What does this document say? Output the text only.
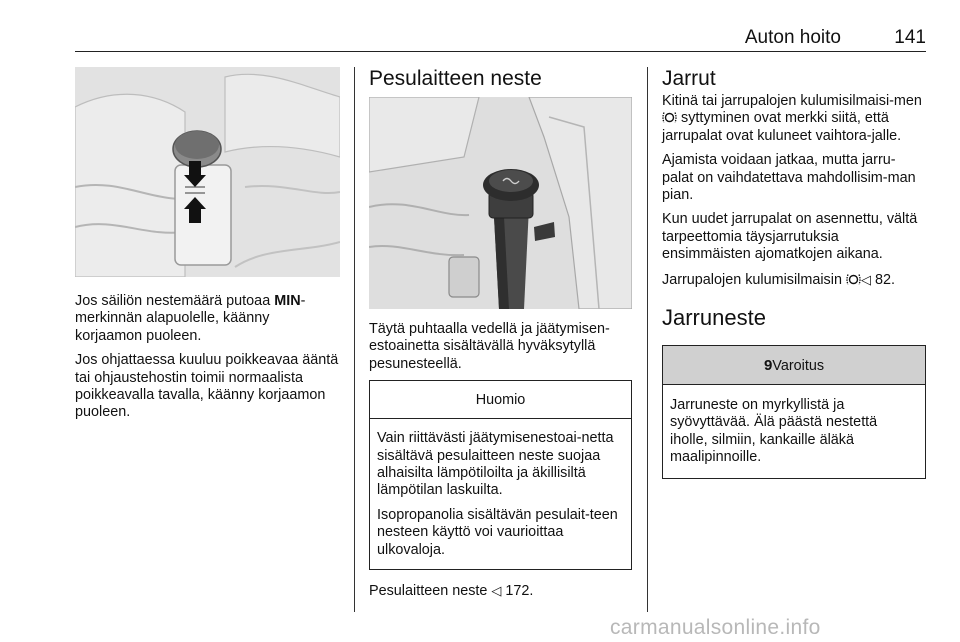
Auton hoito	141

Jos säiliön nestemäärä putoaa MIN-merkinnän alapuolelle, käänny korjaamon puoleen.

Jos ohjattaessa kuuluu poikkeavaa ääntä tai ohjaustehostin toimii normaalista poikkeavalla tavalla, käänny korjaamon puoleen.

Pesulaitteen neste

Täytä puhtaalla vedellä ja jäätymisen-estoainetta sisältävällä hyväksytyllä pesunesteellä.

Huomio

Vain riittävästi jäätymisenestoai-netta sisältävä pesulaitteen neste suojaa alhaisilta lämpötiloilta ja äkillisiltä lämpötilan laskuilta.

Isopropanolia sisältävän pesulait-teen nesteen käyttö voi vaurioittaa ulkovaloja.

Pesulaitteen neste ◁ 172.

Jarrut

Kitinä tai jarrupalojen kulumisilmaisi-men  syttyminen ovat merkki siitä, että jarrupalat ovat kuluneet vaihtora-jalle.

Ajamista voidaan jatkaa, mutta jarru-palat on vaihdatettava mahdollisim-man pian.

Kun uudet jarrupalat on asennettu, vältä tarpeettomia täysjarrutuksia ensimmäisten ajomatkojen aikana.

Jarrupalojen kulumisilmaisin ◁ 82.

Jarruneste
9Varoitus

Jarruneste on myrkyllistä ja syövyttävää. Älä päästä nestettä iholle, silmiin, kankaille äläkä maalipinnoille.

carmanualsonline.info
